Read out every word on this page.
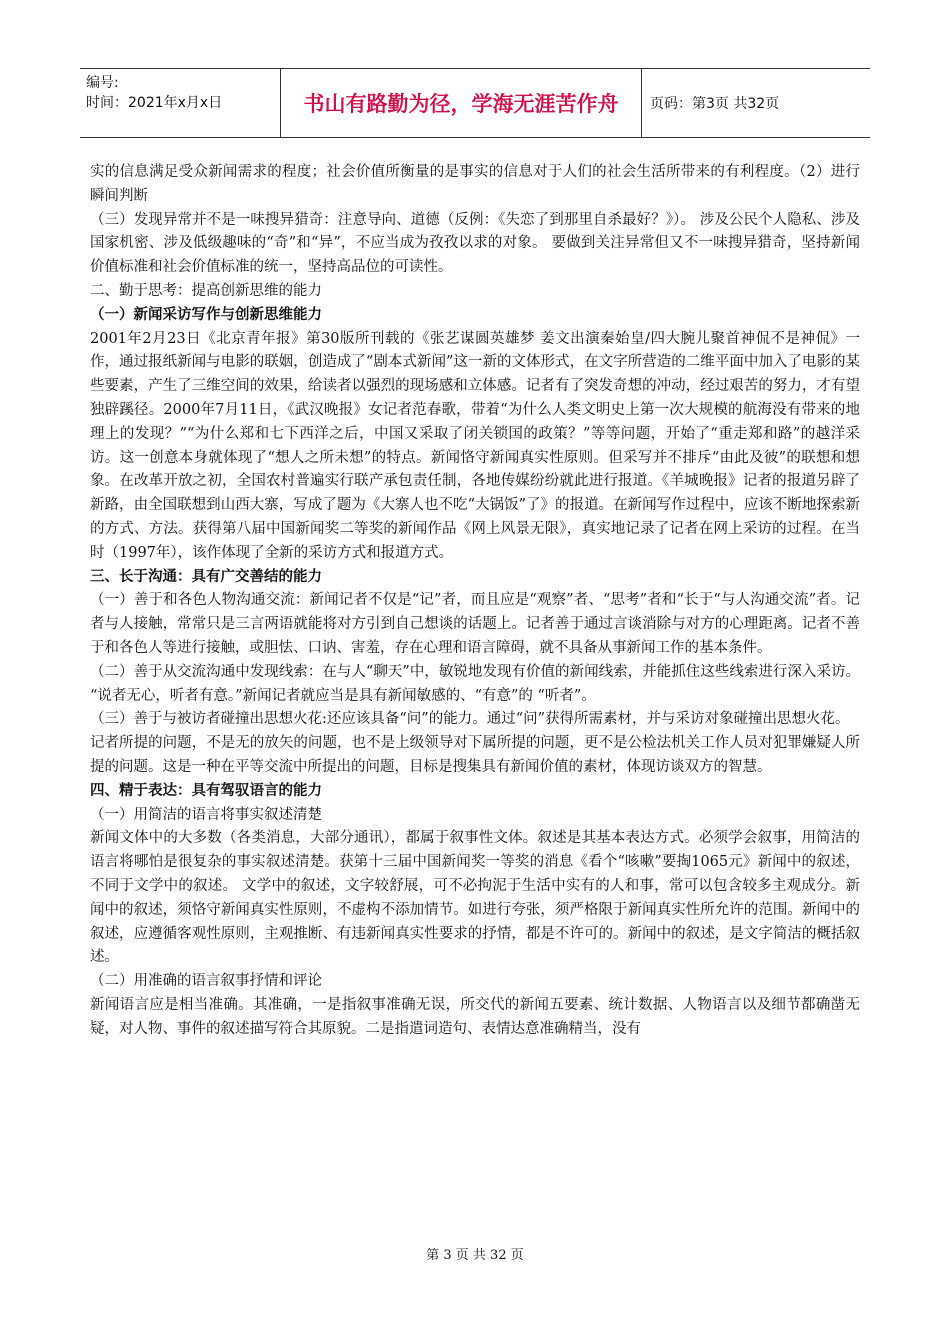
编号:
时间：2021年x月x日	书山有路勤为径，学海无涯苦作舟	页码：第3页 共32页

实的信息满足受众新闻需求的程度；社会价值所衡量的是事实的信息对于人们的社会生活所带来的有利程度。（2）进行瞬间判断

（三）发现异常并不是一味搜异猎奇：注意导向、道德（反例：《失恋了到那里自杀最好？》）。 涉及公民个人隐私、涉及国家机密、涉及低级趣味的“奇”和“异”，不应当成为孜孜以求的对象。 要做到关注异常但又不一味搜异猎奇，坚持新闻价值标准和社会价值标准的统一，坚持高品位的可读性。

二、勤于思考：提高创新思维的能力

（一）新闻采访写作与创新思维能力

2001年2月23日《北京青年报》第30版所刊载的《张艺谋圆英雄梦 姜文出演秦始皇/四大腕儿聚首神侃不是神侃》一作，通过报纸新闻与电影的联姻，创造成了“剧本式新闻”这一新的文体形式，在文字所营造的二维平面中加入了电影的某些要素，产生了三维空间的效果，给读者以强烈的现场感和立体感。记者有了突发奇想的冲动，经过艰苦的努力，才有望独辟蹊径。2000年7月11日，《武汉晚报》女记者范春歌，带着“为什么人类文明史上第一次大规模的航海没有带来的地理上的发现？”“为什么郑和七下西洋之后，中国又采取了闭关锁国的政策？”等等问题，开始了“重走郑和路”的越洋采访。这一创意本身就体现了“想人之所未想”的特点。新闻恪守新闻真实性原则。但采写并不排斥“由此及彼”的联想和想象。在改革开放之初，全国农村普遍实行联产承包责任制，各地传媒纷纷就此进行报道。《羊城晚报》记者的报道另辟了新路，由全国联想到山西大寨，写成了题为《大寨人也不吃“大锅饭”了》的报道。在新闻写作过程中，应该不断地探索新的方式、方法。获得第八届中国新闻奖二等奖的新闻作品《网上风景无限》，真实地记录了记者在网上采访的过程。在当时（1997年），该作体现了全新的采访方式和报道方式。

三、长于沟通：具有广交善结的能力

（一）善于和各色人物沟通交流：新闻记者不仅是“记”者，而且应是“观察”者、“思考”者和“长于“与人沟通交流”者。记者与人接触，常常只是三言两语就能将对方引到自己想谈的话题上。记者善于通过言谈消除与对方的心理距离。记者不善于和各色人等进行接触，或胆怯、口讷、害羞，存在心理和语言障碍，就不具备从事新闻工作的基本条件。

（二）善于从交流沟通中发现线索：在与人“聊天”中，敏锐地发现有价值的新闻线索，并能抓住这些线索进行深入采访。 “说者无心，听者有意。”新闻记者就应当是具有新闻敏感的、“有意”的 “听者”。

（三）善于与被访者碰撞出思想火花:还应该具备“问”的能力。通过“问”获得所需素材，并与采访对象碰撞出思想火花。

记者所提的问题，不是无的放矢的问题，也不是上级领导对下属所提的问题，更不是公检法机关工作人员对犯罪嫌疑人所提的问题。这是一种在平等交流中所提出的问题，目标是搜集具有新闻价值的素材，体现访谈双方的智慧。

四、精于表达：具有驾驭语言的能力

（一）用简洁的语言将事实叙述清楚

新闻文体中的大多数（各类消息，大部分通讯），都属于叙事性文体。叙述是其基本表达方式。必须学会叙事，用简洁的语言将哪怕是很复杂的事实叙述清楚。获第十三届中国新闻奖一等奖的消息《看个“咳嗽”要掏1065元》新闻中的叙述，不同于文学中的叙述。 文学中的叙述，文字较舒展，可不必拘泥于生活中实有的人和事，常可以包含较多主观成分。新闻中的叙述，须恪守新闻真实性原则，不虚构不添加情节。如进行夸张，须严格限于新闻真实性所允许的范围。新闻中的叙述，应遵循客观性原则，主观推断、有违新闻真实性要求的抒情，都是不许可的。新闻中的叙述，是文字简洁的概括叙述。

（二）用准确的语言叙事抒情和评论

新闻语言应是相当准确。其准确，一是指叙事准确无误，所交代的新闻五要素、统计数据、人物语言以及细节都确凿无疑，对人物、事件的叙述描写符合其原貌。二是指遣词造句、表情达意准确精当，没有

第 3 页 共 32 页
